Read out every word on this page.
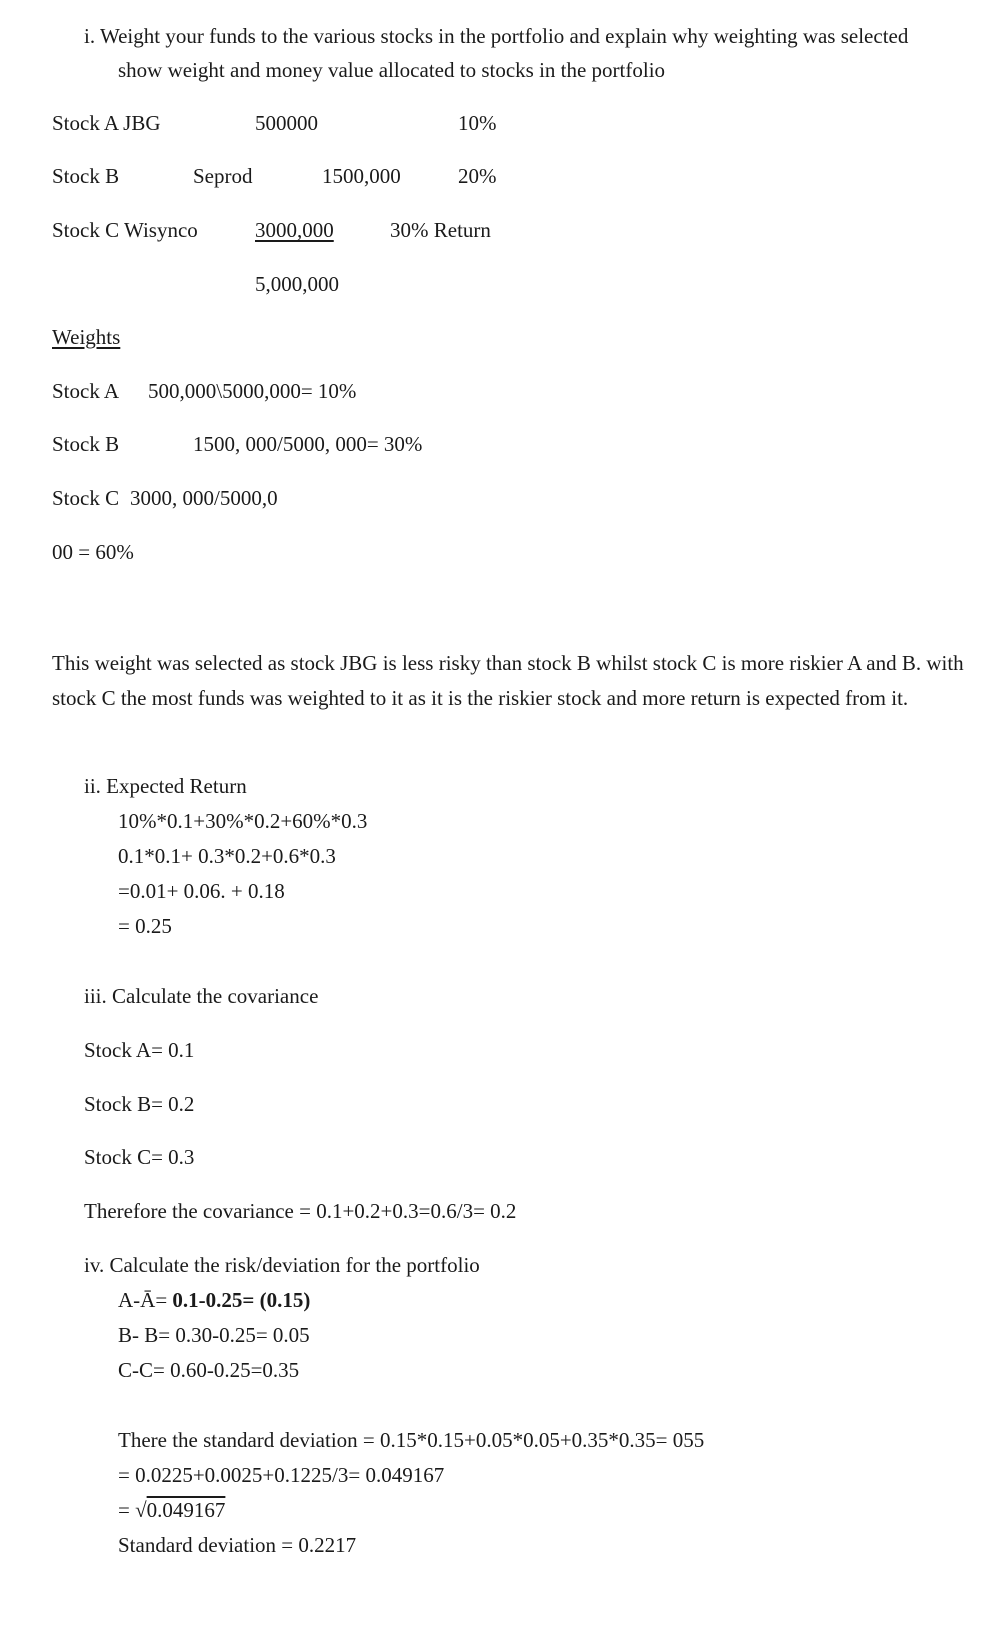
i. Weight your funds to the various stocks in the portfolio and explain why weighting was selected
show weight and money value allocated to stocks in the portfolio
Stock A JBG	500000	10%
Stock B	Seprod	1500,000	20%
Stock C Wisynco	3000,000	30% Return
5,000,000
Weights
Stock A 500,000\5000,000= 10%
Stock B	1500, 000/5000, 000= 30%
Stock C 3000, 000/5000,0
00 = 60%
This weight was selected as stock JBG is less risky than stock B whilst stock C is more riskier A and B. with stock C the most funds was weighted to it as it is the riskier stock and more return is expected from it.
ii. Expected Return
10%*0.1+30%*0.2+60%*0.3
0.1*0.1+ 0.3*0.2+0.6*0.3
=0.01+ 0.06. + 0.18
= 0.25
iii. Calculate the covariance
Stock A= 0.1
Stock B= 0.2
Stock C= 0.3
Therefore the covariance = 0.1+0.2+0.3=0.6/3= 0.2
iv. Calculate the risk/deviation for the portfolio
A-Ā= 0.1-0.25= (0.15)
B- B= 0.30-0.25= 0.05
C-C= 0.60-0.25=0.35
There the standard deviation = 0.15*0.15+0.05*0.05+0.35*0.35= 055
= 0.0225+0.0025+0.1225/3= 0.049167
= √0.049167
Standard deviation = 0.2217
